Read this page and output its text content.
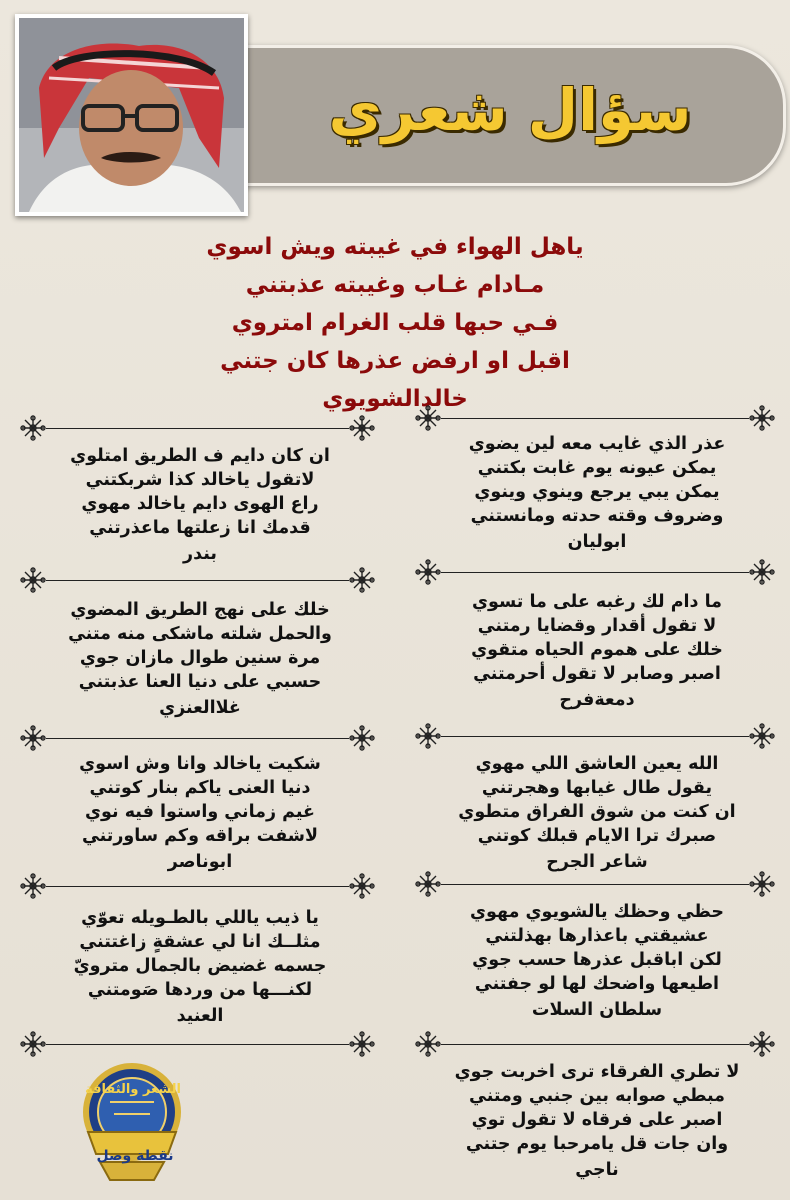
سؤال شعري
ياهل الهواء في غيبته ويش اسوي
مـادام غـاب وغيبته عذبتني
فـي حبها قلب الغرام امتروي
اقبل او ارفض عذرها كان جتني
خالدالشويوي
عذر الذي غايب معه لين يضوي
يمكن عيونه يوم غابت بكتني
يمكن يبي يرجع وينوي وينوي
وضروف وقته حدته ومانستني
ابوليان
ما دام لك رغبه على ما تسوي
لا تقول أقدار وقضايا رمتني
خلك على هموم الحياه متقوي
اصبر وصابر لا تقول أحرمتني
دمعةفرح
الله يعين العاشق اللي مهوي
يقول طال غيابها وهجرتني
ان كنت من شوق الفراق متطوي
صبرك ترا الايام قبلك كوتني
شاعر الجرح
حظي وحظك يالشويوي مهوي
عشيقتي باعذارها بهذلتني
لكن اباقبل عذرها حسب جوي
اطيعها واضحك لها لو جفتني
سلطان السلات
لا تطري الفرقاء ترى اخربت جوي
مبطي صوابه بين جنبي ومتني
اصبر على فرقاه لا تقول توي
وان جات قل يامرحبا يوم جتني
ناجي
ان كان دايم ف الطريق امتلوي
لاتقول ياخالد كذا شربكتني
راع الهوى دايم ياخالد مهوي
قدمك انا زعلتها ماعذرتني
بندر
خلك على نهج الطريق المضوي
والحمل شلته ماشكى منه متني
مرة سنين طوال مازان جوي
حسبي على دنيا العنا عذبتني
غلاالعنزي
شكيت ياخالد وانا وش اسوي
دنيا العنى ياكم بنار كوتني
غيم زماني واستوا فيه نوي
لاشفت براقه وكم ساورتني
ابوناصر
يا ذيب ياللي بالطـويله تعوّي
مثلــك انا لي عشقةٍ زاغتتني
جسمه غضيض بالجمال مترويّ
لكنـــها من وردها صَومتني
العنيد
الشعر والثقافة
نقطة وصل
